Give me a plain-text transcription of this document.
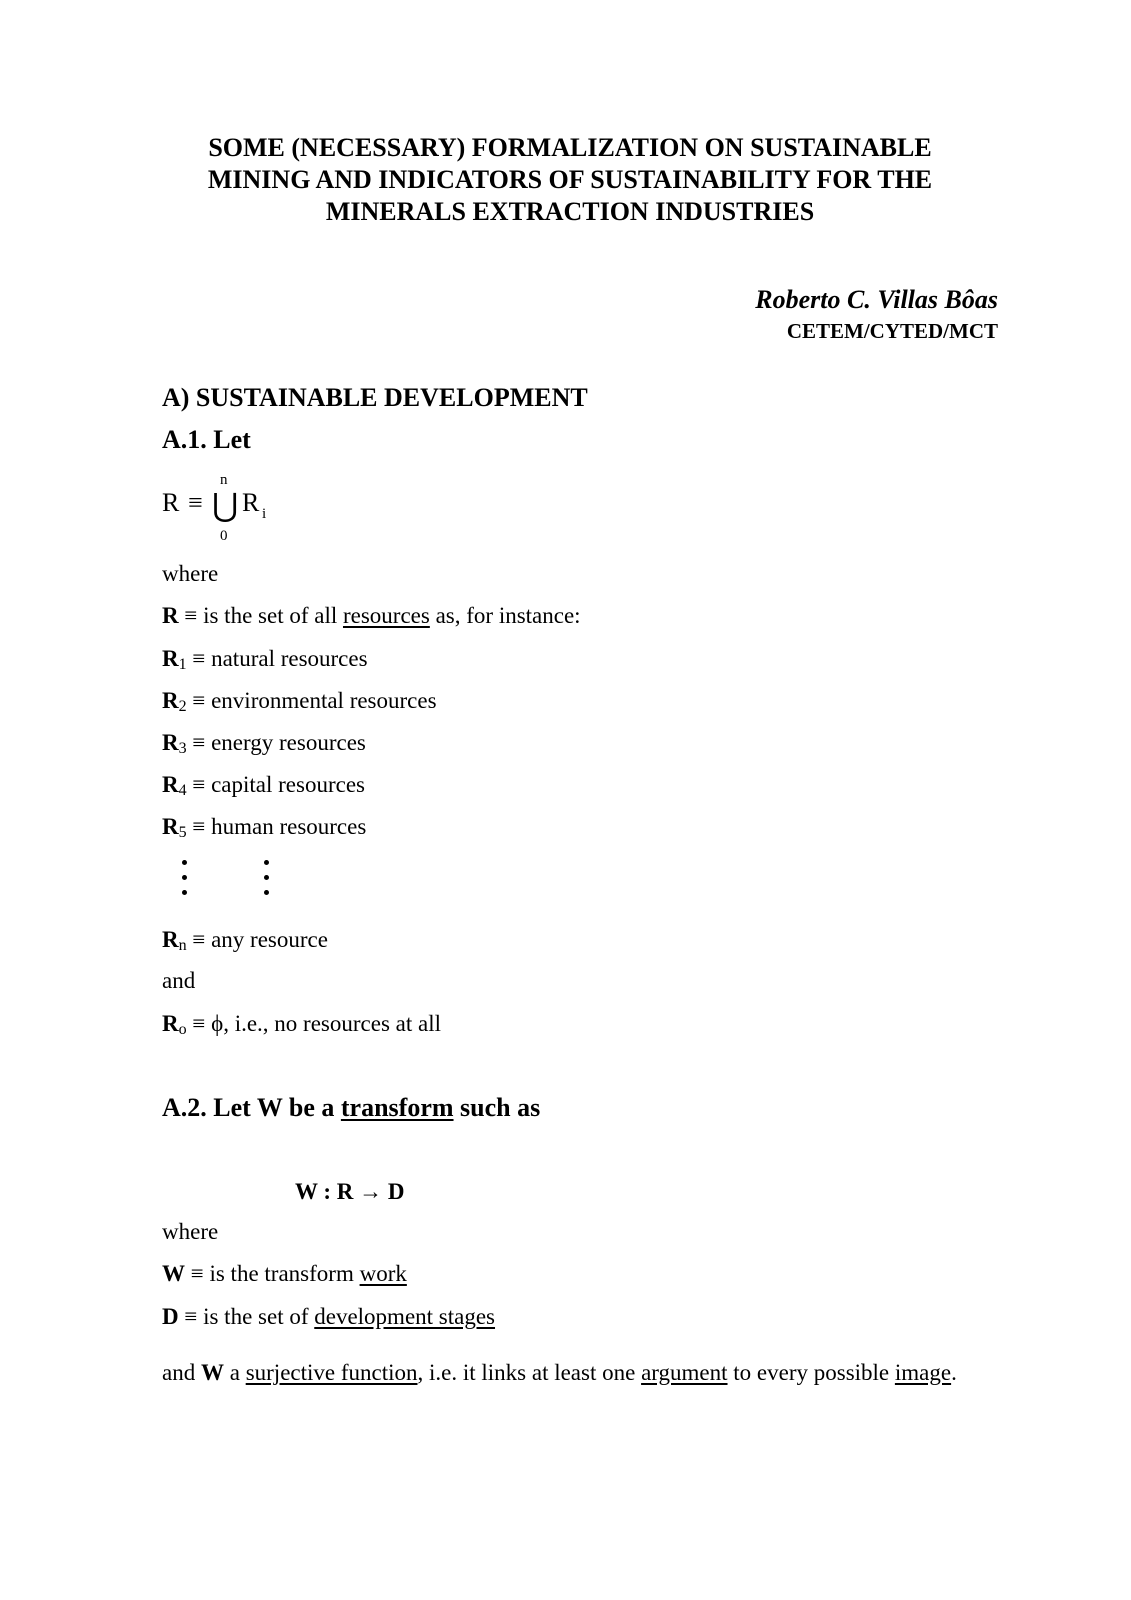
SOME (NECESSARY) FORMALIZATION ON SUSTAINABLE
MINING AND INDICATORS OF SUSTAINABILITY FOR THE
MINERALS EXTRACTION INDUSTRIES
Roberto C. Villas Bôas
CETEM/CYTED/MCT
A) SUSTAINABLE DEVELOPMENT
A.1. Let
R ≡ ⋃
n
0
R i
where
R ≡ is the set of all resources as, for instance:
R1 ≡ natural resources
R2 ≡ environmental resources
R3 ≡ energy resources
R4 ≡ capital resources
R5 ≡ human resources
Rn ≡ any resource
and
Ro ≡ ϕ, i.e., no resources at all
A.2. Let W be a transform such as
W : R → D
where
W ≡ is the transform work
D ≡ is the set of development stages
and W a surjective function, i.e. it links at least one argument to every possible image.
